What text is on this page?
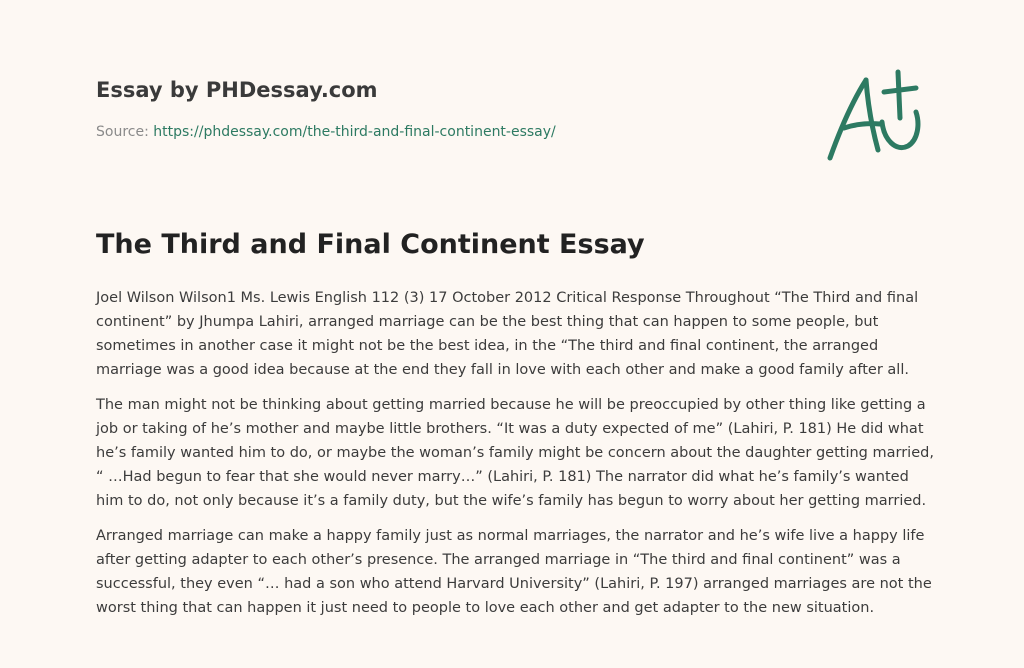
Essay by PHDessay.com
Source: https://phdessay.com/the-third-and-final-continent-essay/
The Third and Final Continent Essay

Joel Wilson Wilson1 Ms. Lewis English 112 (3) 17 October 2012 Critical Response Throughout “The Third and final continent” by Jhumpa Lahiri, arranged marriage can be the best thing that can happen to some people, but sometimes in another case it might not be the best idea, in the “The third and final continent, the arranged marriage was a good idea because at the end they fall in love with each other and make a good family after all.

The man might not be thinking about getting married because he will be preoccupied by other thing like getting a job or taking of he’s mother and maybe little brothers. “It was a duty expected of me” (Lahiri, P. 181) He did what he’s family wanted him to do, or maybe the woman’s family might be concern about the daughter getting married, “ …Had begun to fear that she would never marry…” (Lahiri, P. 181) The narrator did what he’s family’s wanted him to do, not only because it’s a family duty, but the wife’s family has begun to worry about her getting married.

Arranged marriage can make a happy family just as normal marriages, the narrator and he’s wife live a happy life after getting adapter to each other’s presence. The arranged marriage in “The third and final continent” was a successful, they even “… had a son who attend Harvard University” (Lahiri, P. 197) arranged marriages are not the worst thing that can happen it just need to people to love each other and get adapter to the new situation.
